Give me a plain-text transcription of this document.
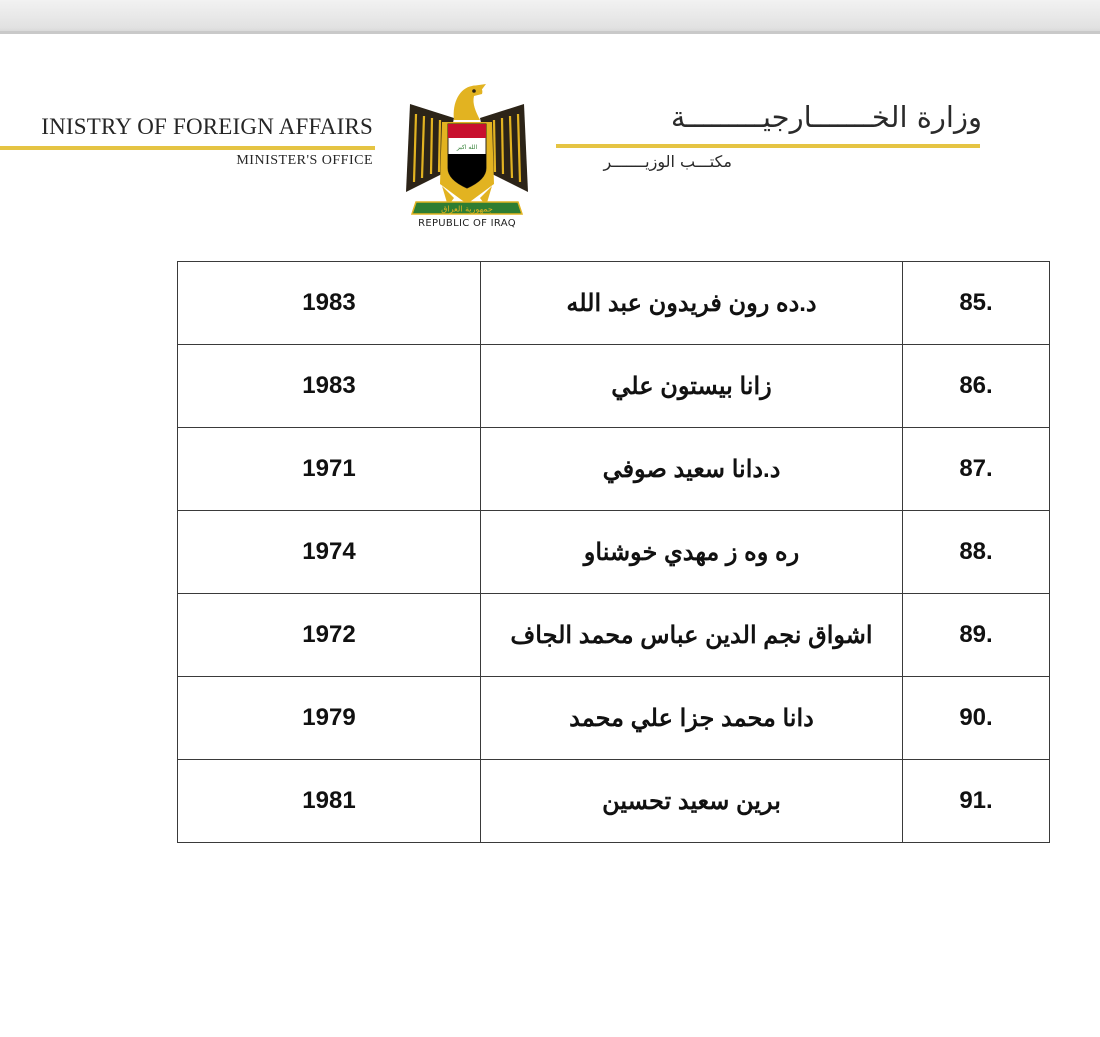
INISTRY OF FOREIGN AFFAIRS
MINISTER'S OFFICE
الله اكبر
جمهورية العراق
REPUBLIC OF IRAQ
وزارة الخـــــــارجيـــــــــة
مكتـــب الوزيـــــــر
1983	د.ده رون فريدون عبد الله	85.
1983	زانا بيستون علي	86.
1971	د.دانا سعيد صوفي	87.
1974	ره وه ز مهدي خوشناو	88.
1972	اشواق نجم الدين عباس محمد الجاف	89.
1979	دانا محمد جزا علي محمد	90.
1981	برين سعيد تحسين	91.
